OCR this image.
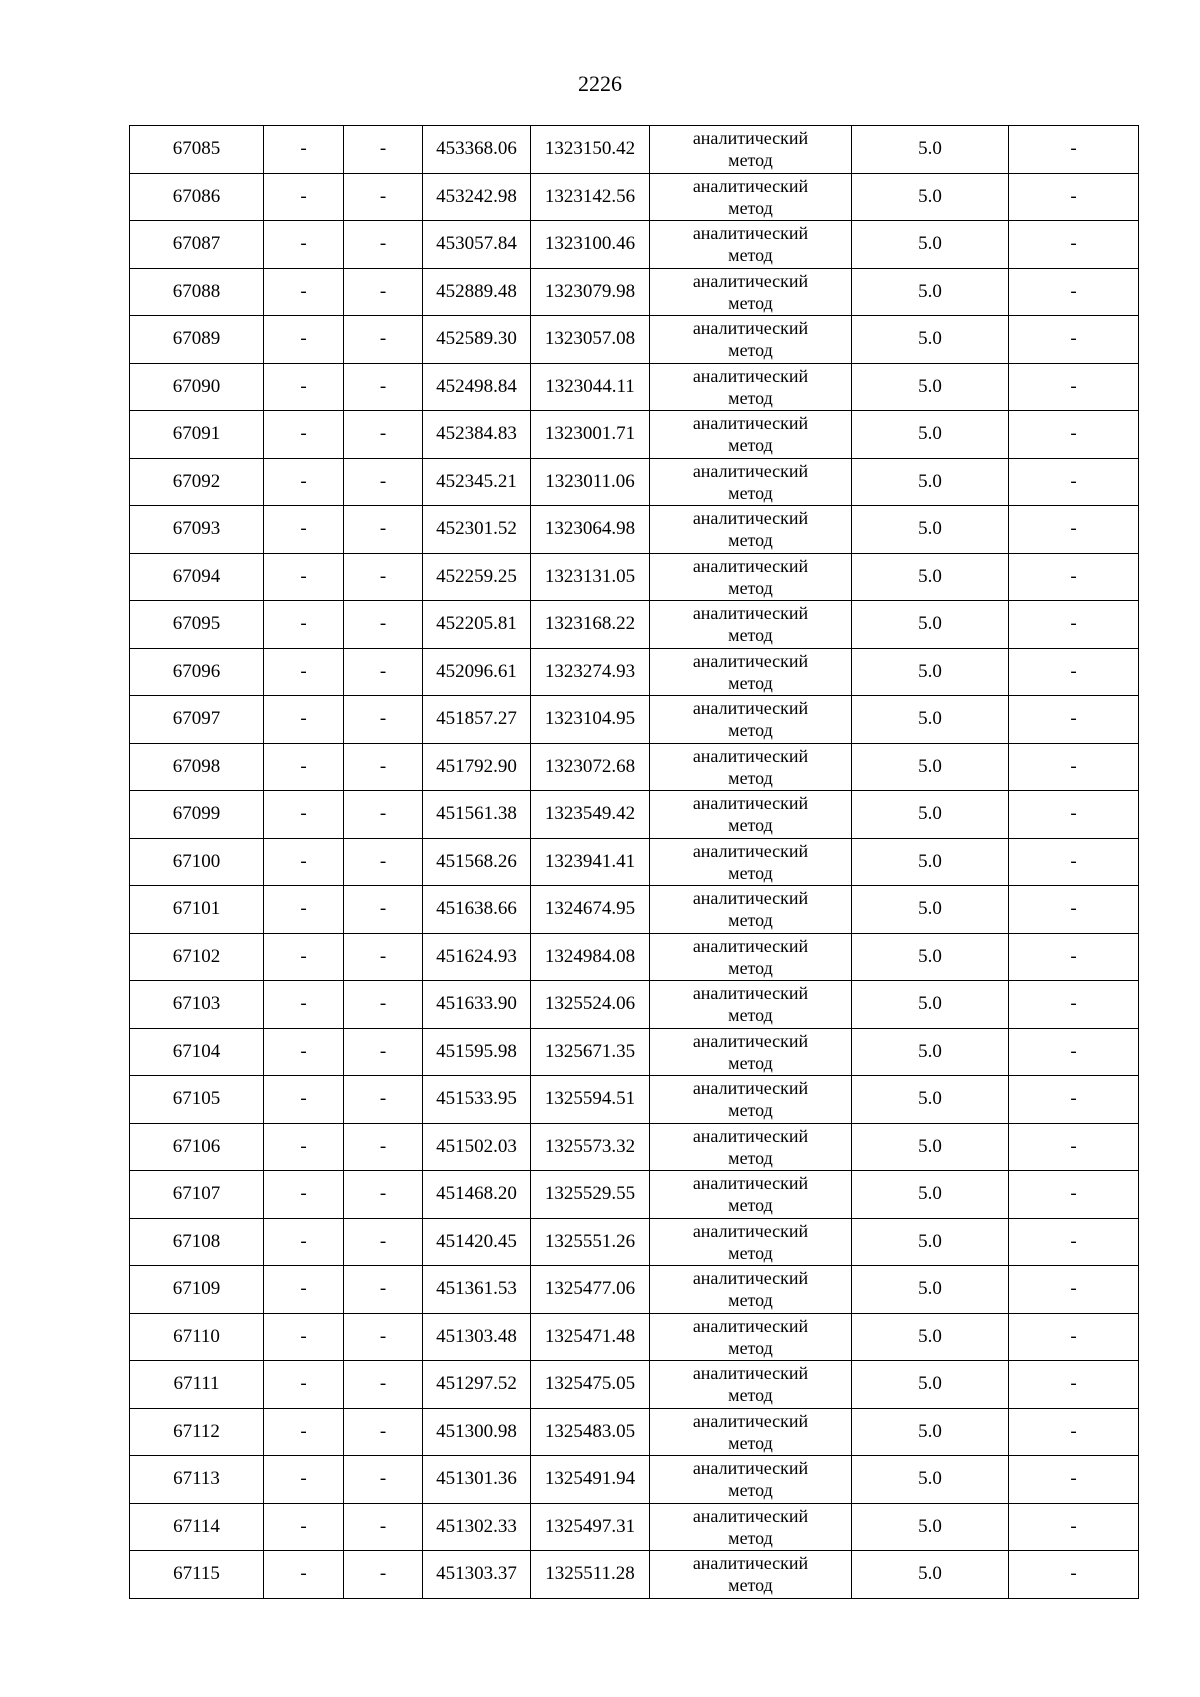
2226
67085	-	-	453368.06	1323150.42	аналитический
метод	5.0	-
67086	-	-	453242.98	1323142.56	аналитический
метод	5.0	-
67087	-	-	453057.84	1323100.46	аналитический
метод	5.0	-
67088	-	-	452889.48	1323079.98	аналитический
метод	5.0	-
67089	-	-	452589.30	1323057.08	аналитический
метод	5.0	-
67090	-	-	452498.84	1323044.11	аналитический
метод	5.0	-
67091	-	-	452384.83	1323001.71	аналитический
метод	5.0	-
67092	-	-	452345.21	1323011.06	аналитический
метод	5.0	-
67093	-	-	452301.52	1323064.98	аналитический
метод	5.0	-
67094	-	-	452259.25	1323131.05	аналитический
метод	5.0	-
67095	-	-	452205.81	1323168.22	аналитический
метод	5.0	-
67096	-	-	452096.61	1323274.93	аналитический
метод	5.0	-
67097	-	-	451857.27	1323104.95	аналитический
метод	5.0	-
67098	-	-	451792.90	1323072.68	аналитический
метод	5.0	-
67099	-	-	451561.38	1323549.42	аналитический
метод	5.0	-
67100	-	-	451568.26	1323941.41	аналитический
метод	5.0	-
67101	-	-	451638.66	1324674.95	аналитический
метод	5.0	-
67102	-	-	451624.93	1324984.08	аналитический
метод	5.0	-
67103	-	-	451633.90	1325524.06	аналитический
метод	5.0	-
67104	-	-	451595.98	1325671.35	аналитический
метод	5.0	-
67105	-	-	451533.95	1325594.51	аналитический
метод	5.0	-
67106	-	-	451502.03	1325573.32	аналитический
метод	5.0	-
67107	-	-	451468.20	1325529.55	аналитический
метод	5.0	-
67108	-	-	451420.45	1325551.26	аналитический
метод	5.0	-
67109	-	-	451361.53	1325477.06	аналитический
метод	5.0	-
67110	-	-	451303.48	1325471.48	аналитический
метод	5.0	-
67111	-	-	451297.52	1325475.05	аналитический
метод	5.0	-
67112	-	-	451300.98	1325483.05	аналитический
метод	5.0	-
67113	-	-	451301.36	1325491.94	аналитический
метод	5.0	-
67114	-	-	451302.33	1325497.31	аналитический
метод	5.0	-
67115	-	-	451303.37	1325511.28	аналитический
метод	5.0	-
